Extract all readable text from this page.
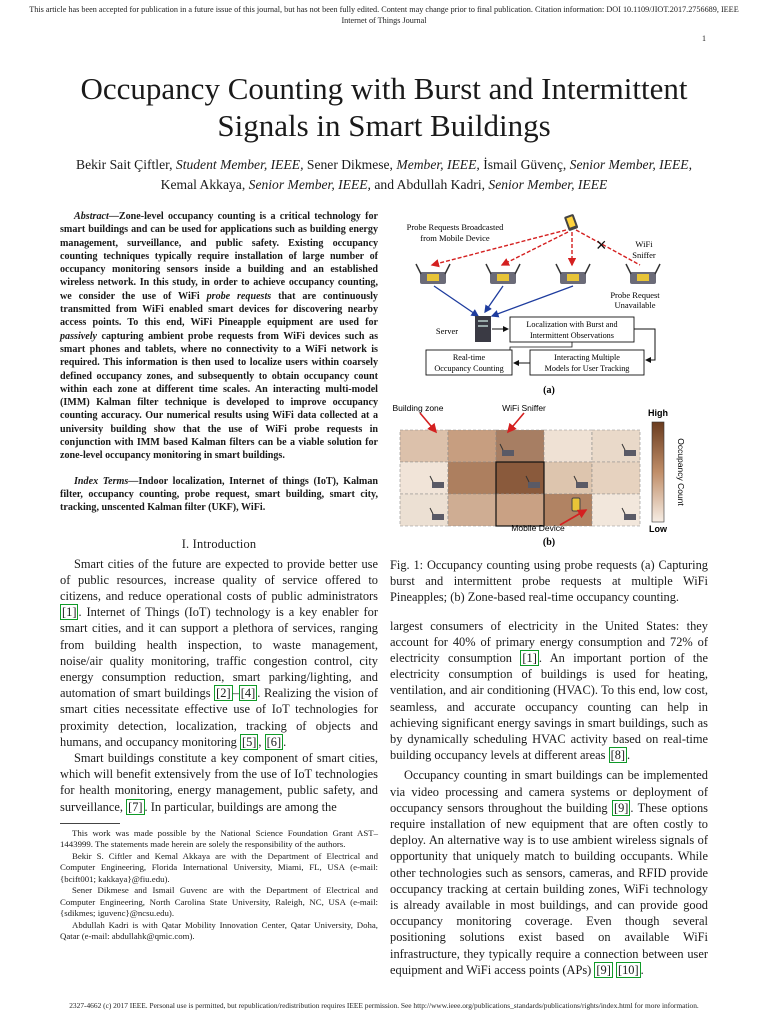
This article has been accepted for publication in a future issue of this journal, but has not been fully edited. Content may change prior to final publication. Citation information: DOI 10.1109/JIOT.2017.2756689, IEEE Internet of Things Journal
1
Occupancy Counting with Burst and Intermittent Signals in Smart Buildings
Bekir Sait Çiftler, Student Member, IEEE, Sener Dikmese, Member, IEEE, İsmail Güvenç, Senior Member, IEEE,
Kemal Akkaya, Senior Member, IEEE, and Abdullah Kadri, Senior Member, IEEE

Abstract—Zone-level occupancy counting is a critical technology for smart buildings and can be used for applications such as building energy management, surveillance, and public safety. Existing occupancy counting techniques typically require installation of large number of occupancy monitoring sensors inside a building and an established wireless network. In this study, in order to achieve occupancy counting, we consider the use of WiFi probe requests that are continuously transmitted from WiFi enabled smart devices for discovering nearby access points. To this end, WiFi Pineapple equipment are used for passively capturing ambient probe requests from WiFi devices such as smart phones and tablets, where no connectivity to a WiFi network is required. This information is then used to localize users within coarsely defined occupancy zones, and subsequently to obtain occupancy count within each zone at different time scales. An interacting multi-model (IMM) Kalman filter technique is developed to improve occupancy counting accuracy. Our numerical results using WiFi data collected at a university building show that the use of WiFi probe requests in conjunction with IMM based Kalman filters can be a viable solution for zone-level occupancy monitoring in smart buildings.

Index Terms—Indoor localization, Internet of things (IoT), Kalman filter, occupancy counting, probe request, smart building, smart city, tracking, unscented Kalman filter (UKF), WiFi.

I. Introduction

Smart cities of the future are expected to provide better use of public resources, increase quality of service offered to citizens, and reduce operational costs of public administrators [1] . Internet of Things (IoT) technology is a key enabler for smart cities, and it can support a plethora of services, ranging from building health inspection, to waste management, noise/air quality monitoring, traffic congestion control, city energy consumption reduction, smart parking/lighting, and automation of smart buildings [2] – [4] . Realizing the vision of smart cities necessitate effective use of IoT technologies for proximity detection, localization, tracking of objects and humans, and occupancy monitoring [5] , [6] .

Smart buildings constitute a key component of smart cities, which will benefit extensively from the use of IoT technologies for health monitoring, energy management, public safety, and surveillance, [7] . In particular, buildings are among the

This work was made possible by the National Science Foundation Grant AST–1443999. The statements made herein are solely the responsibility of the authors.

Bekir S. Ciftler and Kemal Akkaya are with the Department of Electrical and Computer Engineering, Florida International University, Miami, FL, USA (e-mail: {bcift001; kakkaya}@fiu.edu).

Sener Dikmese and Ismail Guvenc are with the Department of Electrical and Computer Engineering, North Carolina State University, Raleigh, NC, USA (e-mail: {sdikmes; iguvenc}@ncsu.edu).

Abdullah Kadri is with Qatar Mobility Innovation Center, Qatar University, Doha, Qatar (e-mail: abdullahk@qmic.com).

Probe Requests Broadcasted
from Mobile Device	×	WiFi
Sniffer
Probe Request
Unavailable
Server
Localization with Burst and
Intermittent Observations
Interacting Multiple
Models for User Tracking
Real-time
Occupancy Counting
(a)
Building zone	WiFi Sniffer	High
Low
Occupancy Count
Mobile Device
(b)

Fig. 1: Occupancy counting using probe requests (a) Capturing burst and intermittent probe requests at multiple WiFi Pineapples; (b) Zone-based real-time occupancy counting.

largest consumers of electricity in the United States: they account for 40% of primary energy consumption and 72% of electricity consumption [1] . An important portion of the electricity consumption of buildings is used for heating, ventilation, and air conditioning (HVAC). To this end, low cost, seamless, and accurate occupancy counting can help in achieving significant energy savings in smart buildings, such as by dynamically scheduling HVAC activity based on real-time building occupancy levels at different areas [8] .

Occupancy counting in smart buildings can be implemented via video processing and camera systems or deployment of occupancy sensors throughout the building [9] . These options require installation of new equipment that are often costly to deploy. An alternative way is to use ambient wireless signals of opportunity that uniquely match to building occupants. While other technologies such as sensors, cameras, and RFID provide occupancy tracking at certain building zones, WiFi technology is already available in most buildings, and can provide good occupancy monitoring coverage. Even though several positioning solutions exist based on available WiFi infrastructure, they typically require a connection between user equipment and WiFi access points (APs) [9] [10] .

2327-4662 (c) 2017 IEEE. Personal use is permitted, but republication/redistribution requires IEEE permission. See http://www.ieee.org/publications_standards/publications/rights/index.html for more information.
